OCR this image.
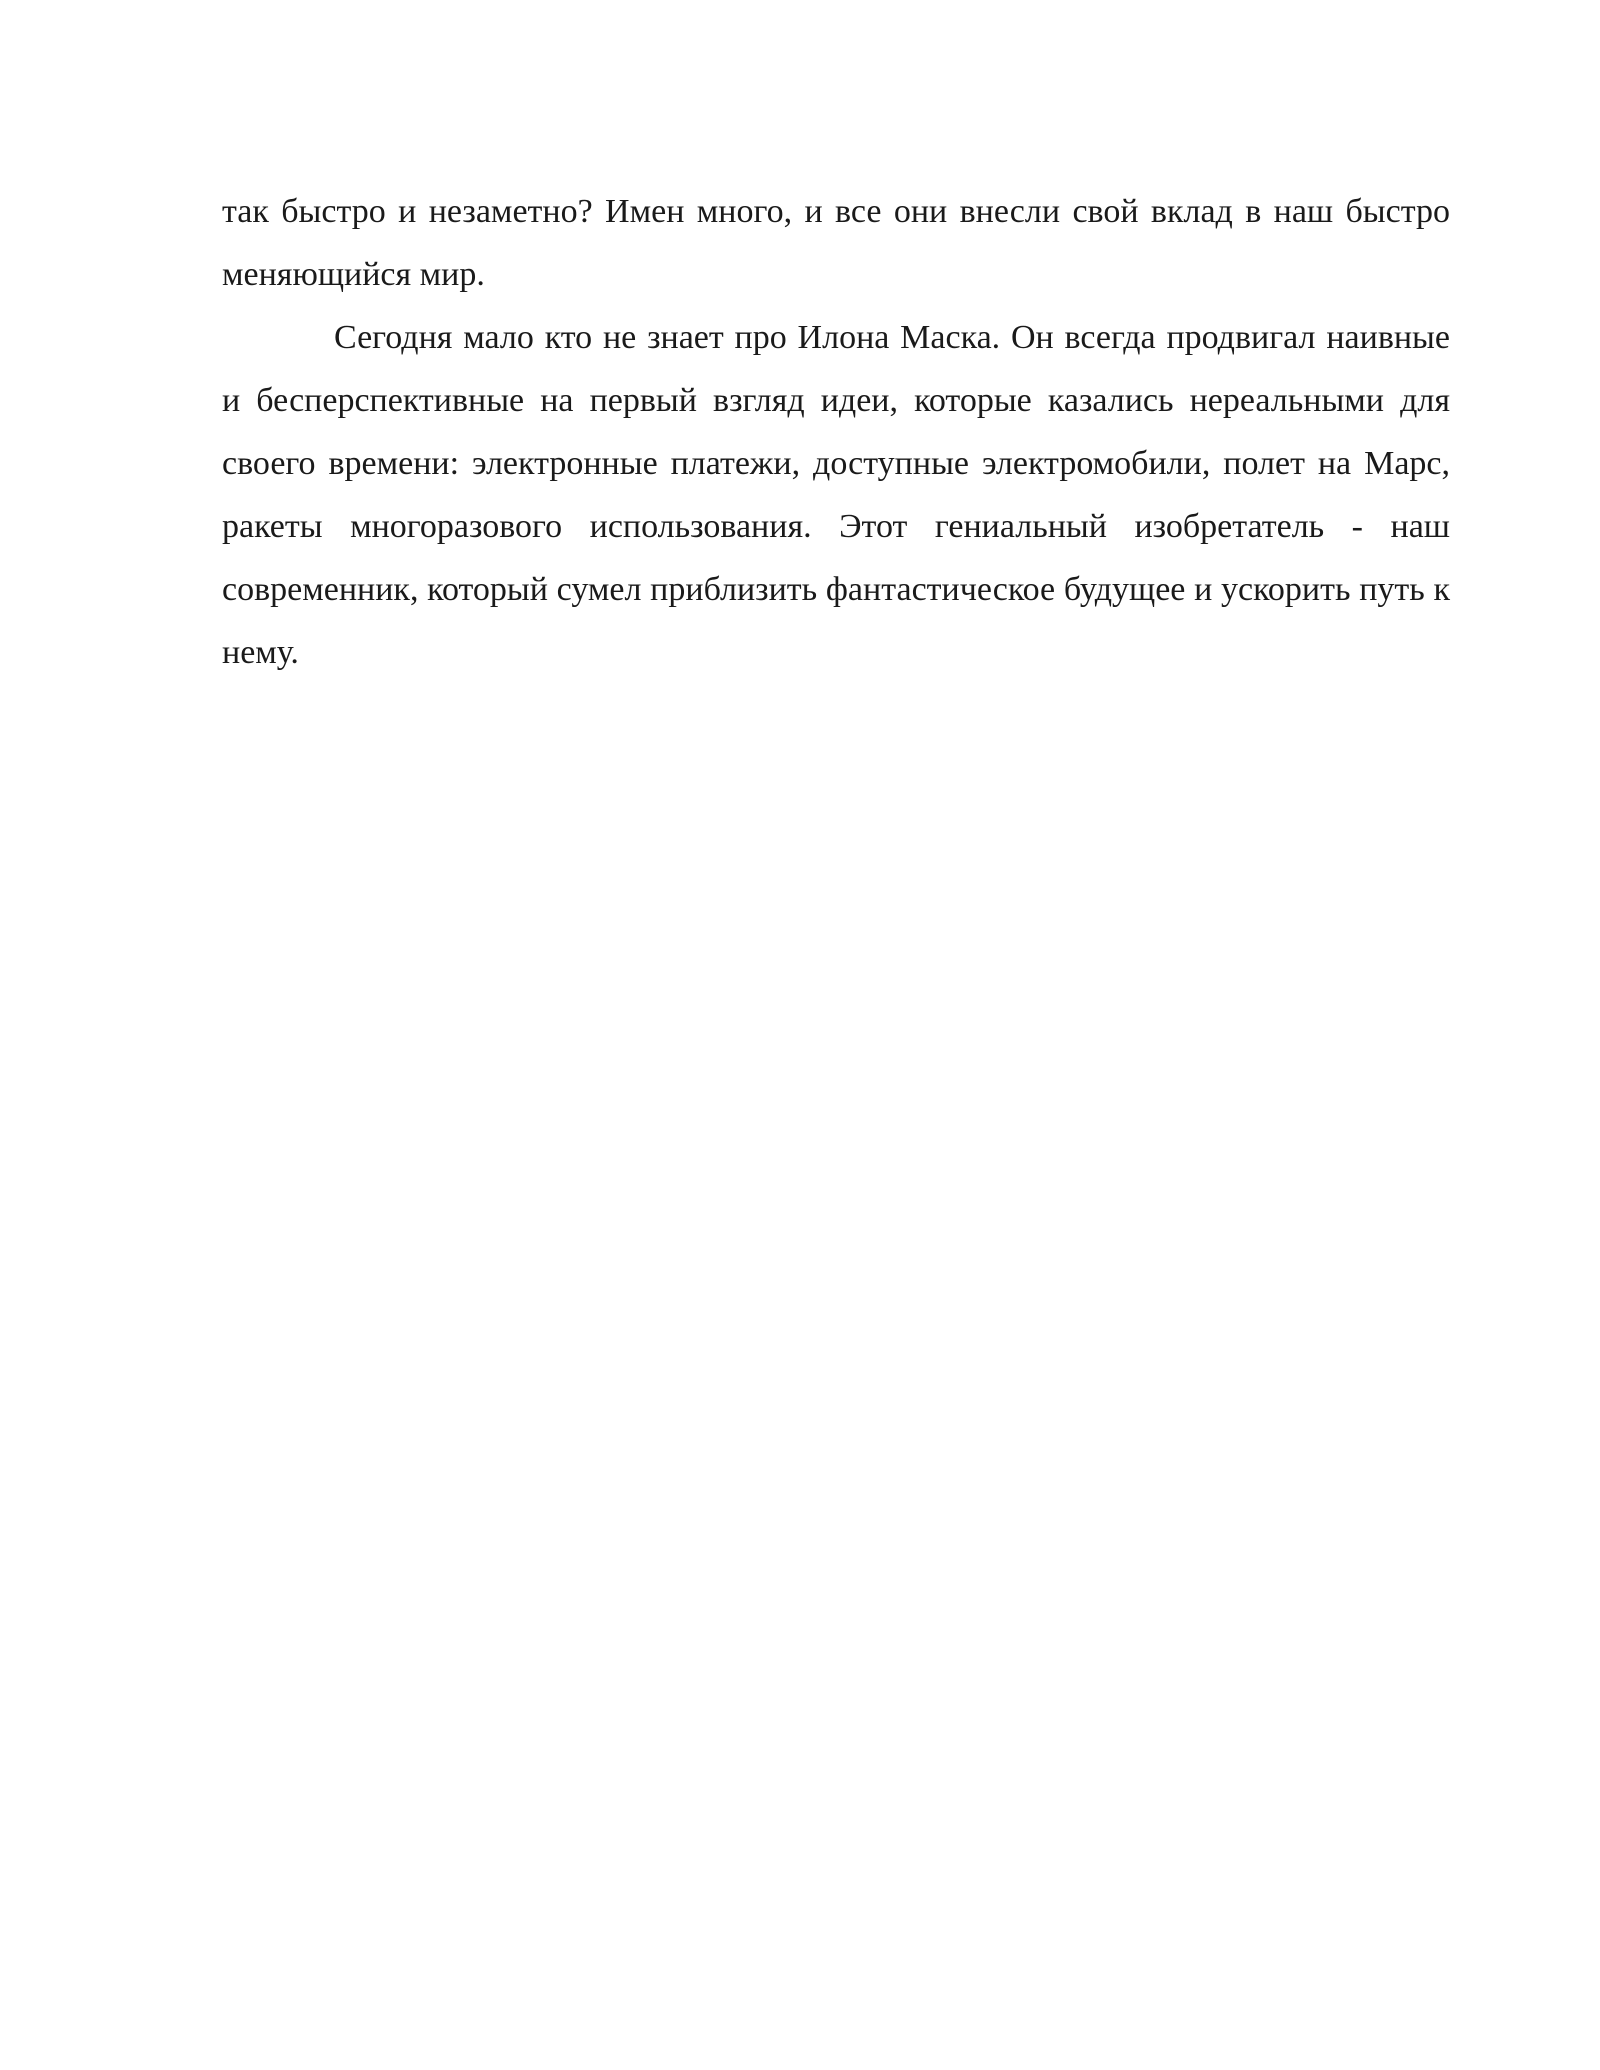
так быстро и незаметно? Имен много, и все они внесли свой вклад в наш быстро меняющийся мир.

Сегодня мало кто не знает про Илона Маска. Он всегда продвигал наивные и бесперспективные на первый взгляд идеи, которые казались нереальными для своего времени: электронные платежи, доступные электромобили, полет на Марс, ракеты многоразового использования. Этот гениальный изобретатель - наш современник, который сумел приблизить фантастическое будущее и ускорить путь к нему.
